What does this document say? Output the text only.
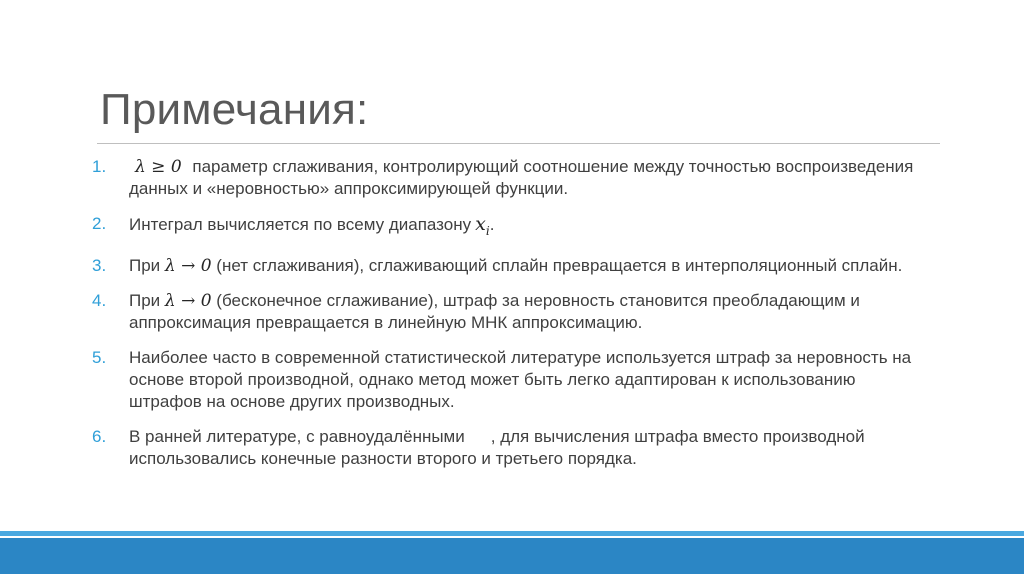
Примечания:
1. λ ≥ 0 параметр сглаживания, контролирующий соотношение между точностью воспроизведения данных и «неровностью» аппроксимирующей функции.
2. Интеграл вычисляется по всему диапазону $x_i$.
3. При λ → 0 (нет сглаживания), сглаживающий сплайн превращается в интерполяционный сплайн.
4. При λ → 0 (бесконечное сглаживание), штраф за неровность становится преобладающим и аппроксимация превращается в линейную МНК аппроксимацию.
5. Наиболее часто в современной статистической литературе используется штраф за неровность на основе второй производной, однако метод может быть легко адаптирован к использованию штрафов на основе других производных.
6. В ранней литературе, с равноудалёнными , для вычисления штрафа вместо производной использовались конечные разности второго и третьего порядка.
